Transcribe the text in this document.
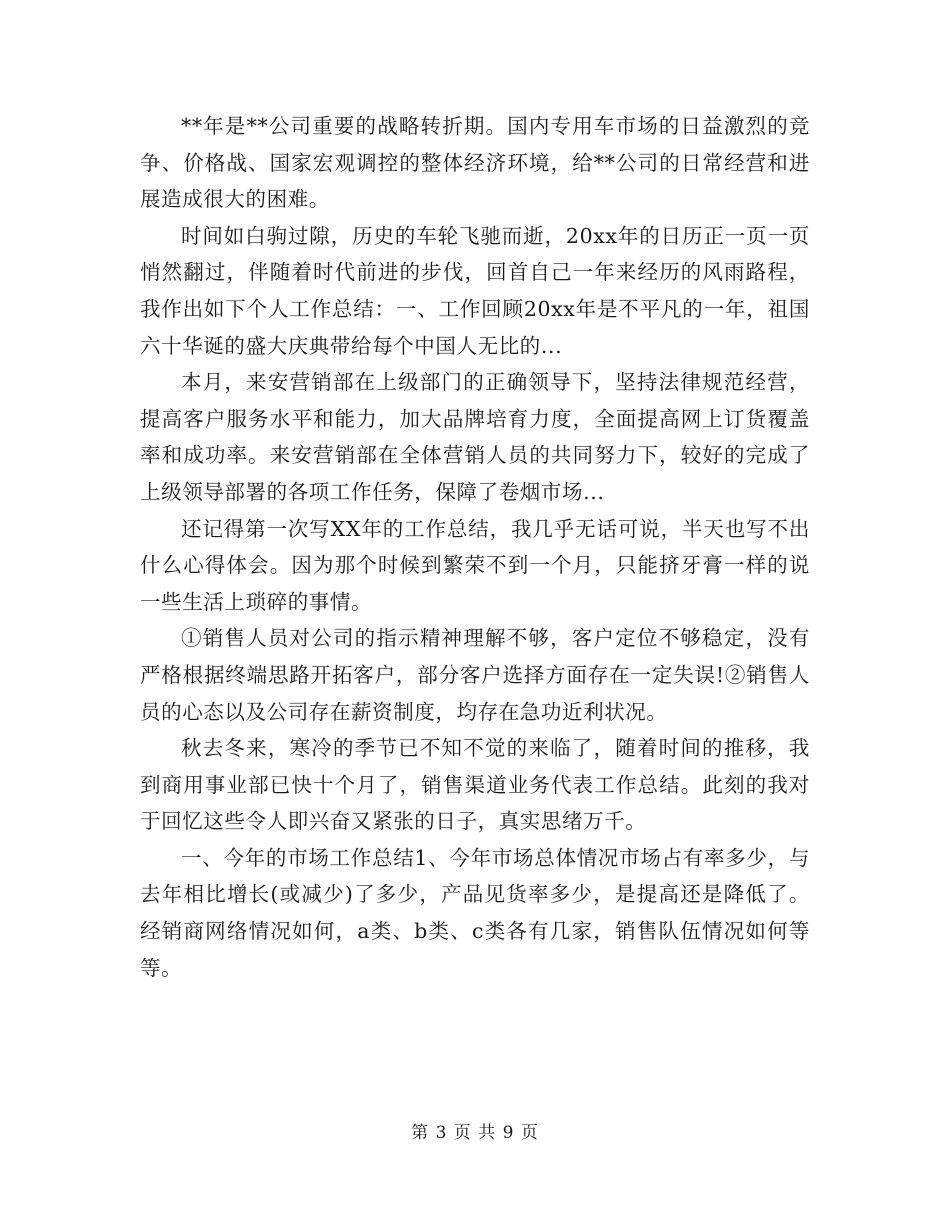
**年是**公司重要的战略转折期。国内专用车市场的日益激烈的竞争、价格战、国家宏观调控的整体经济环境，给**公司的日常经营和进展造成很大的困难。

时间如白驹过隙，历史的车轮飞驰而逝，20xx年的日历正一页一页悄然翻过，伴随着时代前进的步伐，回首自己一年来经历的风雨路程，我作出如下个人工作总结：一、工作回顾20xx年是不平凡的一年，祖国六十华诞的盛大庆典带给每个中国人无比的...

本月，来安营销部在上级部门的正确领导下，坚持法律规范经营，提高客户服务水平和能力，加大品牌培育力度，全面提高网上订货覆盖率和成功率。来安营销部在全体营销人员的共同努力下，较好的完成了上级领导部署的各项工作任务，保障了卷烟市场...

还记得第一次写XX年的工作总结，我几乎无话可说，半天也写不出什么心得体会。因为那个时候到繁荣不到一个月，只能挤牙膏一样的说一些生活上琐碎的事情。

①销售人员对公司的指示精神理解不够，客户定位不够稳定，没有严格根据终端思路开拓客户，部分客户选择方面存在一定失误!②销售人员的心态以及公司存在薪资制度，均存在急功近利状况。

秋去冬来，寒冷的季节已不知不觉的来临了，随着时间的推移，我到商用事业部已快十个月了，销售渠道业务代表工作总结。此刻的我对于回忆这些令人即兴奋又紧张的日子，真实思绪万千。

一、今年的市场工作总结1、今年市场总体情况市场占有率多少，与去年相比增长(或减少)了多少，产品见货率多少，是提高还是降低了。经销商网络情况如何，a类、b类、c类各有几家，销售队伍情况如何等等。

第 3 页 共 9 页
